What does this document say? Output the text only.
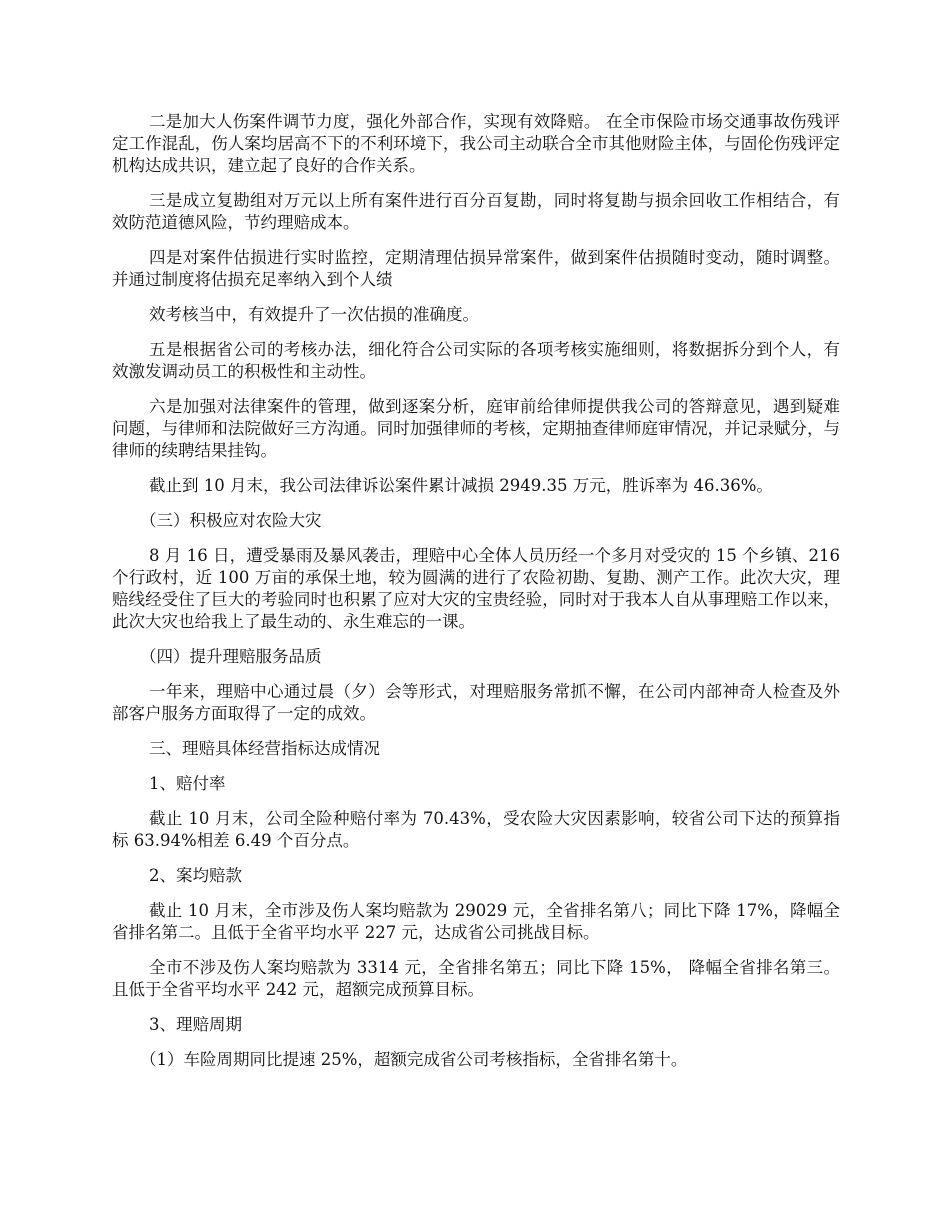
二是加大人伤案件调节力度，强化外部合作，实现有效降赔。 在全市保险市场交通事故伤残评定工作混乱，伤人案均居高不下的不利环境下，我公司主动联合全市其他财险主体，与固伦伤残评定机构达成共识，建立起了良好的合作关系。

三是成立复勘组对万元以上所有案件进行百分百复勘，同时将复勘与损余回收工作相结合，有效防范道德风险，节约理赔成本。

四是对案件估损进行实时监控，定期清理估损异常案件，做到案件估损随时变动，随时调整。并通过制度将估损充足率纳入到个人绩

效考核当中，有效提升了一次估损的准确度。

五是根据省公司的考核办法，细化符合公司实际的各项考核实施细则，将数据拆分到个人，有效激发调动员工的积极性和主动性。

六是加强对法律案件的管理，做到逐案分析，庭审前给律师提供我公司的答辩意见，遇到疑难问题，与律师和法院做好三方沟通。同时加强律师的考核，定期抽查律师庭审情况，并记录赋分，与律师的续聘结果挂钩。

截止到 10 月末，我公司法律诉讼案件累计减损 2949.35 万元，胜诉率为 46.36%。

（三）积极应对农险大灾

8 月 16 日，遭受暴雨及暴风袭击，理赔中心全体人员历经一个多月对受灾的 15 个乡镇、216 个行政村，近 100 万亩的承保土地，较为圆满的进行了农险初勘、复勘、测产工作。此次大灾，理赔线经受住了巨大的考验同时也积累了应对大灾的宝贵经验，同时对于我本人自从事理赔工作以来，此次大灾也给我上了最生动的、永生难忘的一课。

（四）提升理赔服务品质

一年来，理赔中心通过晨（夕）会等形式，对理赔服务常抓不懈，在公司内部神奇人检查及外部客户服务方面取得了一定的成效。

三、理赔具体经营指标达成情况

1、赔付率

截止 10 月末，公司全险种赔付率为 70.43%，受农险大灾因素影响，较省公司下达的预算指标 63.94%相差 6.49 个百分点。

2、案均赔款

截止 10 月末，全市涉及伤人案均赔款为 29029 元，全省排名第八；同比下降 17%，降幅全省排名第二。且低于全省平均水平 227 元，达成省公司挑战目标。

全市不涉及伤人案均赔款为 3314 元，全省排名第五；同比下降 15%， 降幅全省排名第三。且低于全省平均水平 242 元，超额完成预算目标。

3、理赔周期

（1）车险周期同比提速 25%，超额完成省公司考核指标，全省排名第十。
